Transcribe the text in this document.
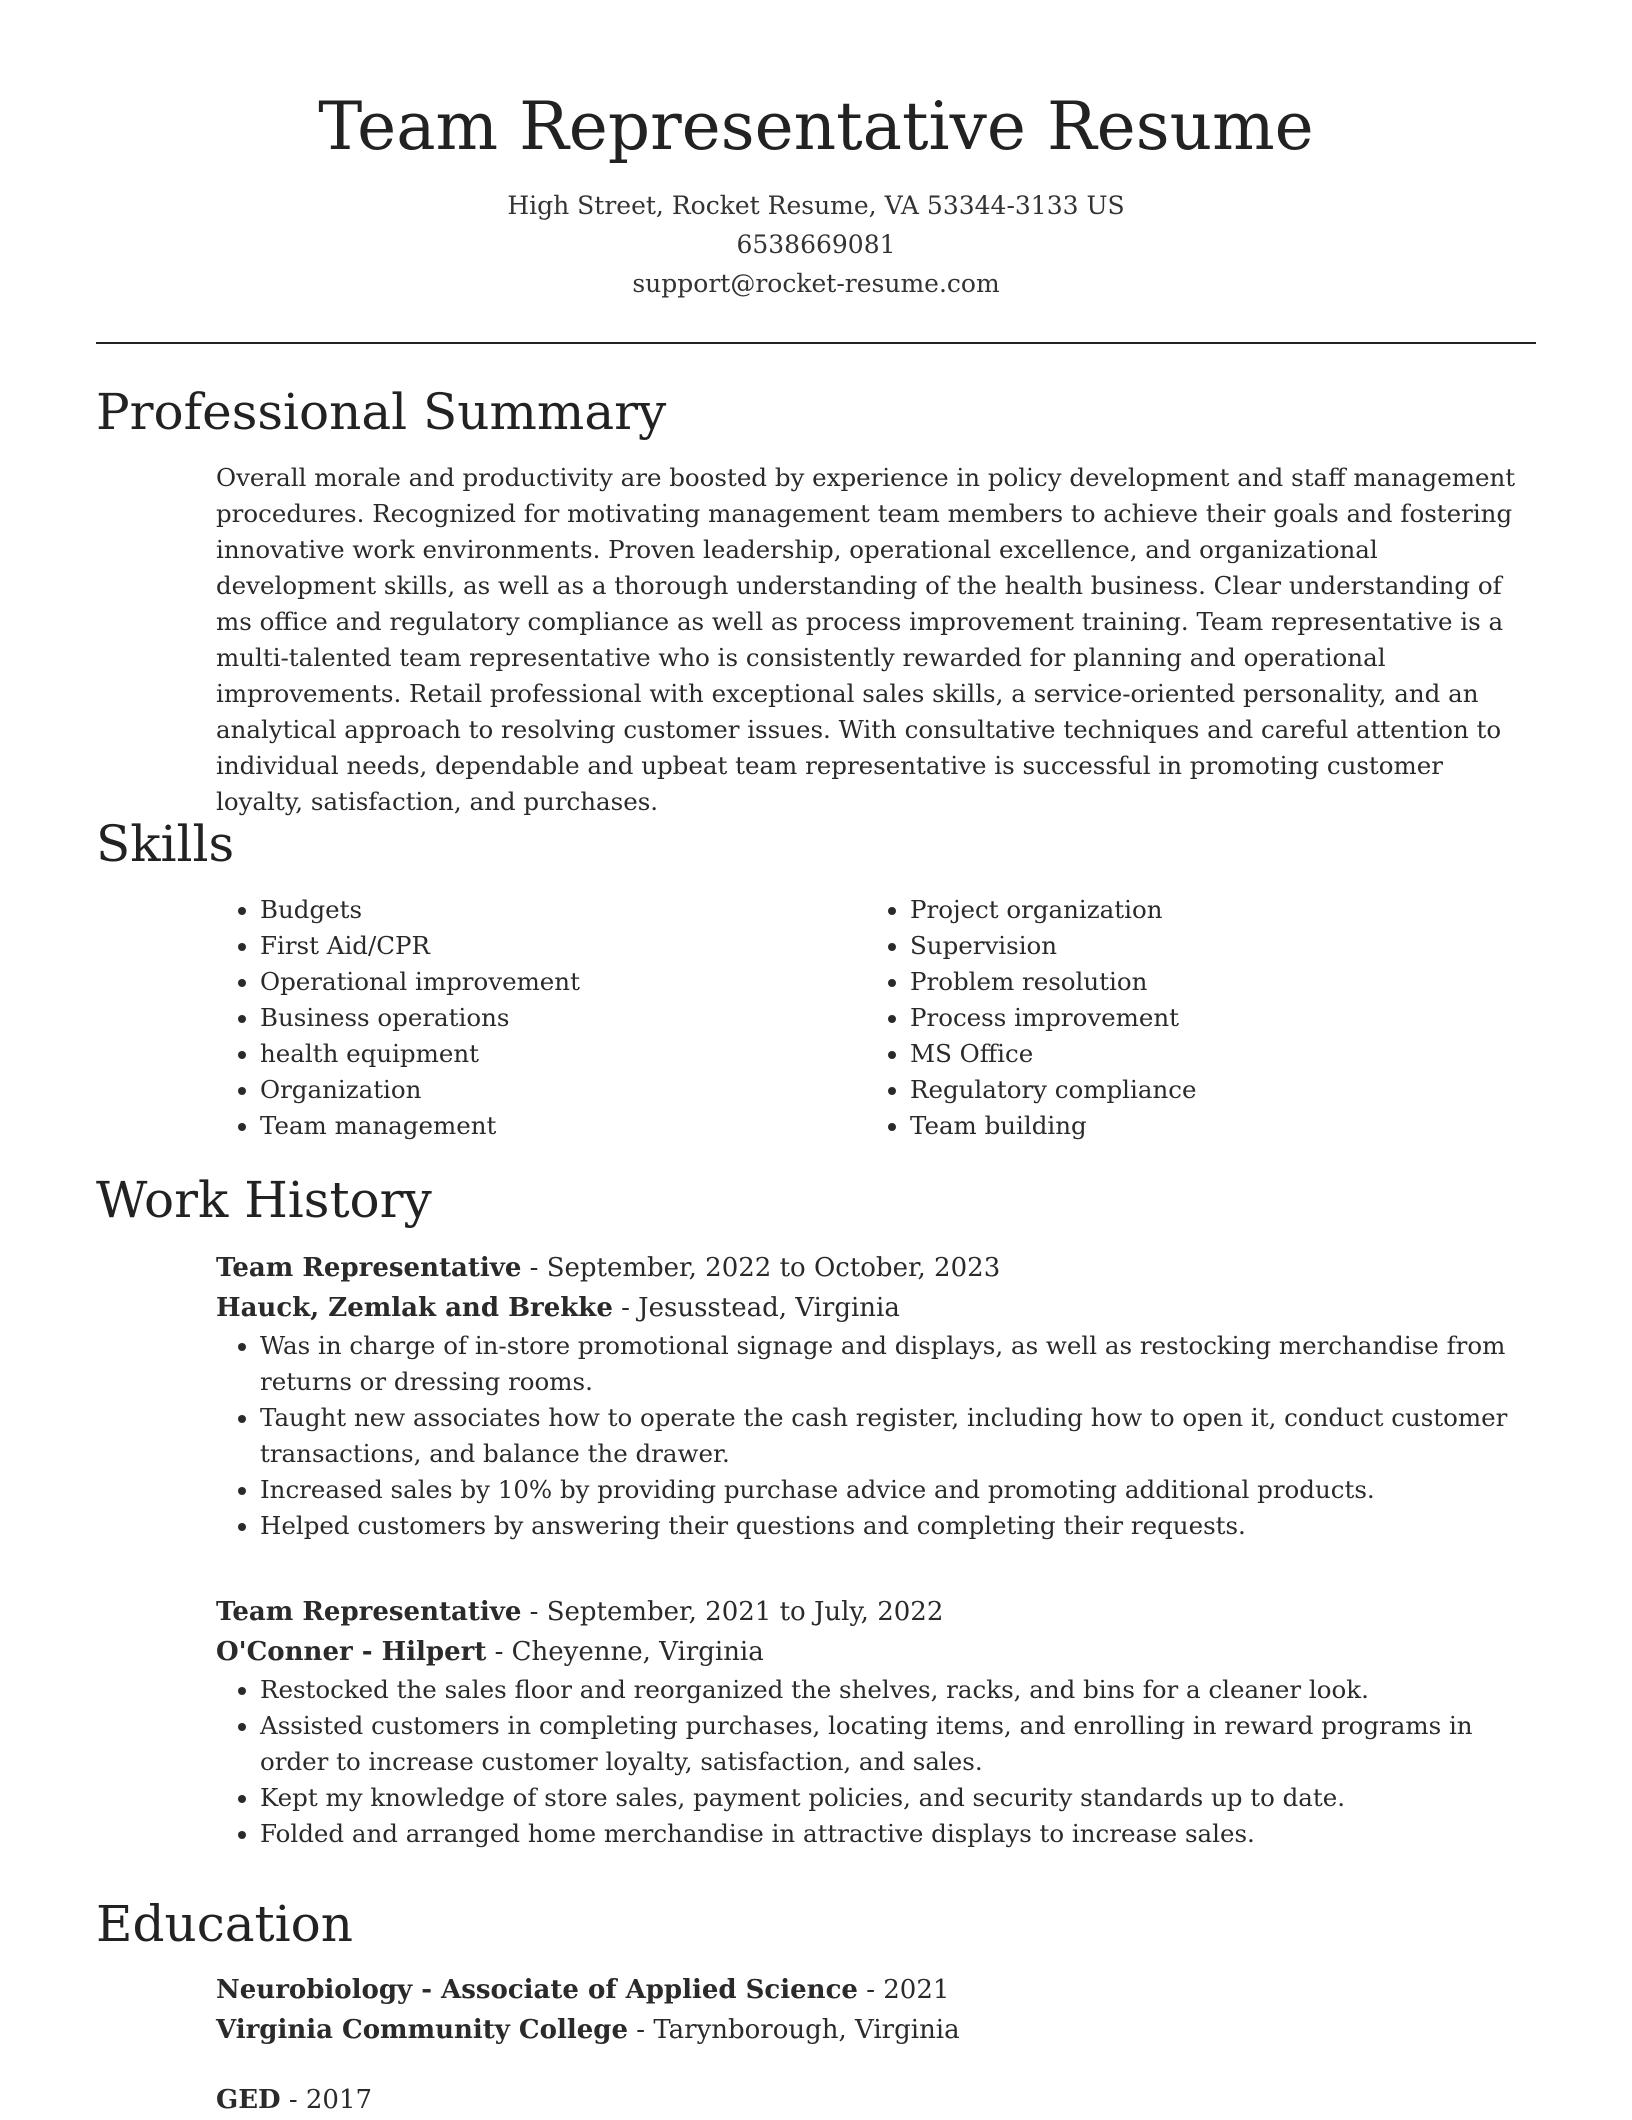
Team Representative Resume
High Street, Rocket Resume, VA 53344-3133 US
6538669081
support@rocket-resume.com
Professional Summary

Overall morale and productivity are boosted by experience in policy development and staff management procedures. Recognized for motivating management team members to achieve their goals and fostering innovative work environments. Proven leadership, operational excellence, and organizational development skills, as well as a thorough understanding of the health business. Clear understanding of ms office and regulatory compliance as well as process improvement training. Team representative is a multi-talented team representative who is consistently rewarded for planning and operational improvements. Retail professional with exceptional sales skills, a service-oriented personality, and an analytical approach to resolving customer issues. With consultative techniques and careful attention to individual needs, dependable and upbeat team representative is successful in promoting customer loyalty, satisfaction, and purchases.

Skills
• Budgets
• First Aid/CPR
• Operational improvement
• Business operations
• health equipment
• Organization
• Team management
• Project organization
• Supervision
• Problem resolution
• Process improvement
• MS Office
• Regulatory compliance
• Team building
Work History
Team Representative - September, 2022 to October, 2023
Hauck, Zemlak and Brekke - Jesusstead, Virginia
• Was in charge of in-store promotional signage and displays, as well as restocking merchandise from returns or dressing rooms.
• Taught new associates how to operate the cash register, including how to open it, conduct customer transactions, and balance the drawer.
• Increased sales by 10% by providing purchase advice and promoting additional products.
• Helped customers by answering their questions and completing their requests.
Team Representative - September, 2021 to July, 2022
O'Conner - Hilpert - Cheyenne, Virginia
• Restocked the sales floor and reorganized the shelves, racks, and bins for a cleaner look.
• Assisted customers in completing purchases, locating items, and enrolling in reward programs in order to increase customer loyalty, satisfaction, and sales.
• Kept my knowledge of store sales, payment policies, and security standards up to date.
• Folded and arranged home merchandise in attractive displays to increase sales.
Education
Neurobiology - Associate of Applied Science - 2021
Virginia Community College - Tarynborough, Virginia
GED - 2017
